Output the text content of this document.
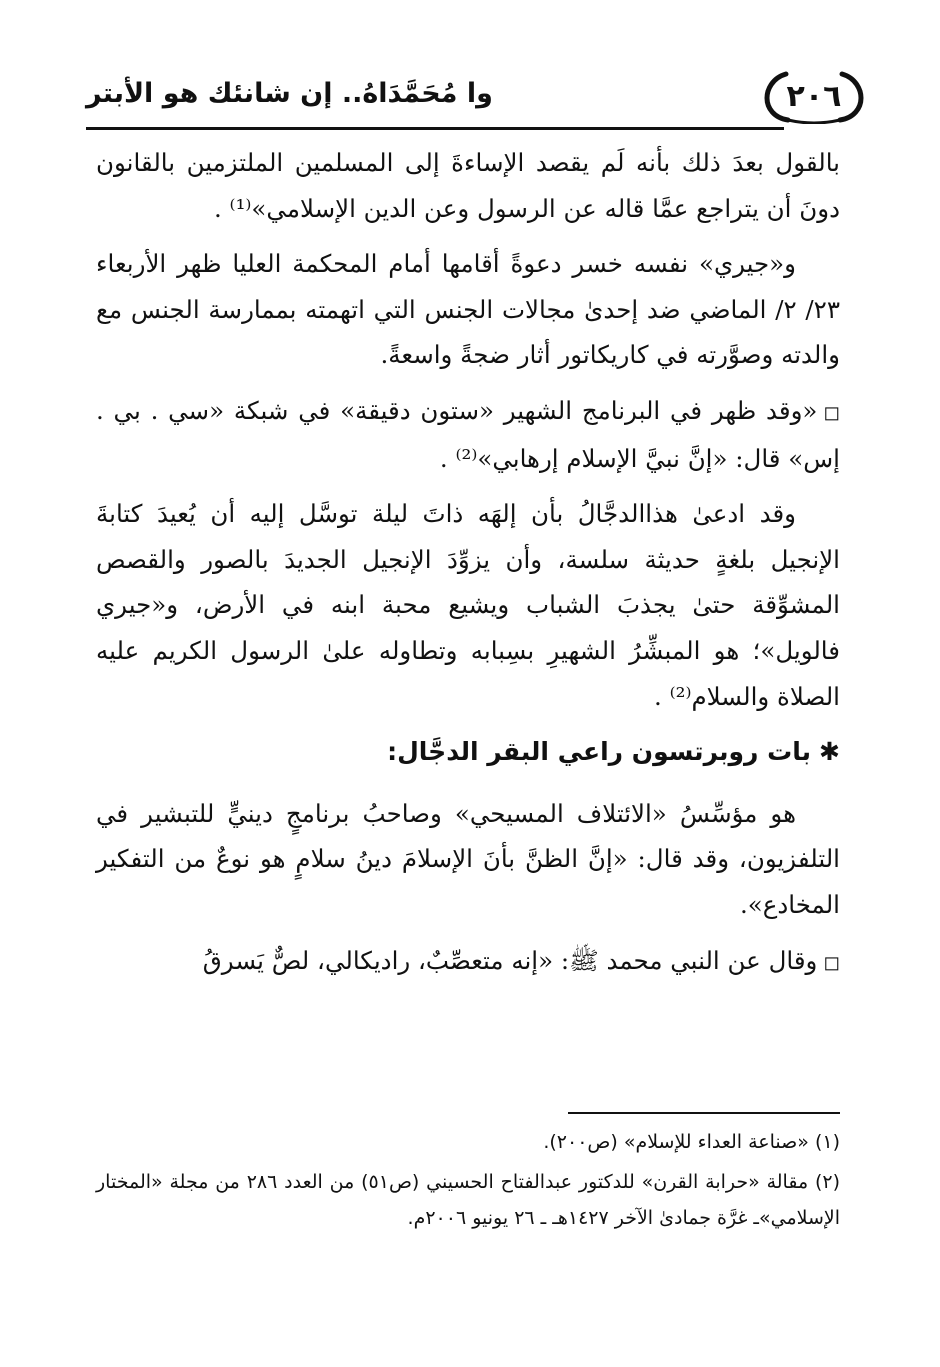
٢٠٦
وا مُحَمَّدَاهُ.. إن شانئك هو الأبتر

بالقول بعدَ ذلك بأنه لَم يقصد الإساءةَ إلى المسلمين الملتزمين بالقانون دونَ أن يتراجع عمَّا قاله عن الرسول وعن الدين الإسلامي»⁽¹⁾ .

و«جيري» نفسه خسر دعوةً أقامها أمام المحكمة العليا ظهر الأربعاء ٢٣/ ٢/ الماضي ضد إحدىٰ مجالات الجنس التي اتهمته بممارسة الجنس مع والدته وصوَّرته في كاريكاتور أثار ضجةً واسعةً.

◻«وقد ظهر في البرنامج الشهير «ستون دقيقة» في شبكة «سي . بي . إس» قال: «إنَّ نبيَّ الإسلام إرهابي»⁽²⁾ .

وقد ادعىٰ هذاالدجَّالُ بأن إلهَه ذاتَ ليلة توسَّل إليه أن يُعيدَ كتابةَ الإنجيل بلغةٍ حديثة سلسة، وأن يزوِّدَ الإنجيل الجديدَ بالصور والقصص المشوِّقة حتىٰ يجذبَ الشباب ويشيع محبة ابنه في الأرض، و«جيري فالويل»؛ هو المبشِّرُ الشهيرِ بسِبابه وتطاوله علىٰ الرسول الكريم عليه الصلاة والسلام⁽²⁾ .

✱بات روبرتسون راعي البقر الدجَّال:

هو مؤسِّسُ «الائتلاف المسيحي» وصاحبُ برنامجٍ دينيٍّ للتبشير في التلفزيون، وقد قال: «إنَّ الظنَّ بأنَ الإسلامَ دينُ سلامٍ هو نوعٌ من التفكير المخادع».

◻وقال عن النبي محمد ﷺ: «إنه متعصِّبٌ، راديكالي، لصٌّ يَسرقُ

(١) «صناعة العداء للإسلام» (ص٢٠٠).

(٢) مقالة «حرابة القرن» للدكتور عبدالفتاح الحسيني (ص٥١) من العدد ٢٨٦ من مجلة «المختار الإسلامي»ـ غرَّة جمادىٰ الآخر ١٤٢٧هـ ـ ٢٦ يونيو ٢٠٠٦م.
